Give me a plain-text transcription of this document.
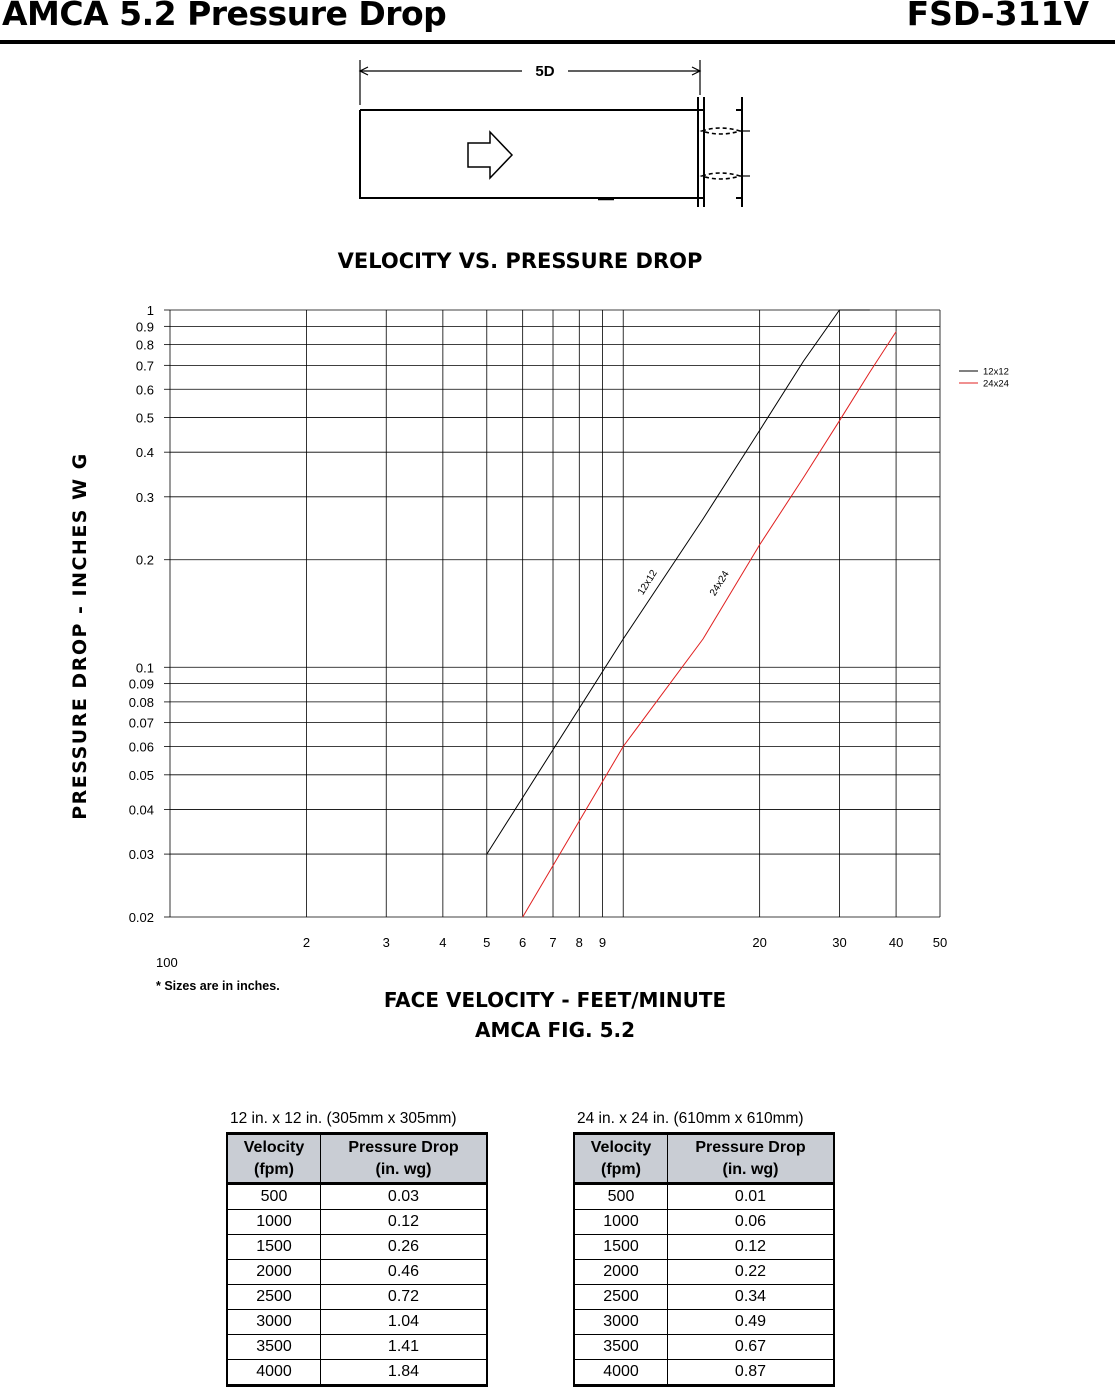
AMCA 5.2 Pressure Drop	FSD-311V
5D
VELOCITY VS. PRESSURE DROP
2	3	4	5 6 7 8 9	20	30	40 50
1
0.9
0.8
0.7
0.6
0.5
0.4
0.3
0.2
0.1
0.09
0.08
0.07
0.06
0.05
0.04
0.03
0.02
12x12	24x24
12x12
24x24
PRESSURE DROP - INCHES W G
100
* Sizes are in inches.
FACE VELOCITY - FEET/MINUTE
AMCA FIG. 5.2
12 in. x 12 in. (305mm x 305mm)
Velocity
(fpm)	Pressure Drop
(in. wg)
500	0.03
1000	0.12
1500	0.26
2000	0.46
2500	0.72
3000	1.04
3500	1.41
4000	1.84
24 in. x 24 in. (610mm x 610mm)
Velocity
(fpm)	Pressure Drop
(in. wg)
500	0.01
1000	0.06
1500	0.12
2000	0.22
2500	0.34
3000	0.49
3500	0.67
4000	0.87
